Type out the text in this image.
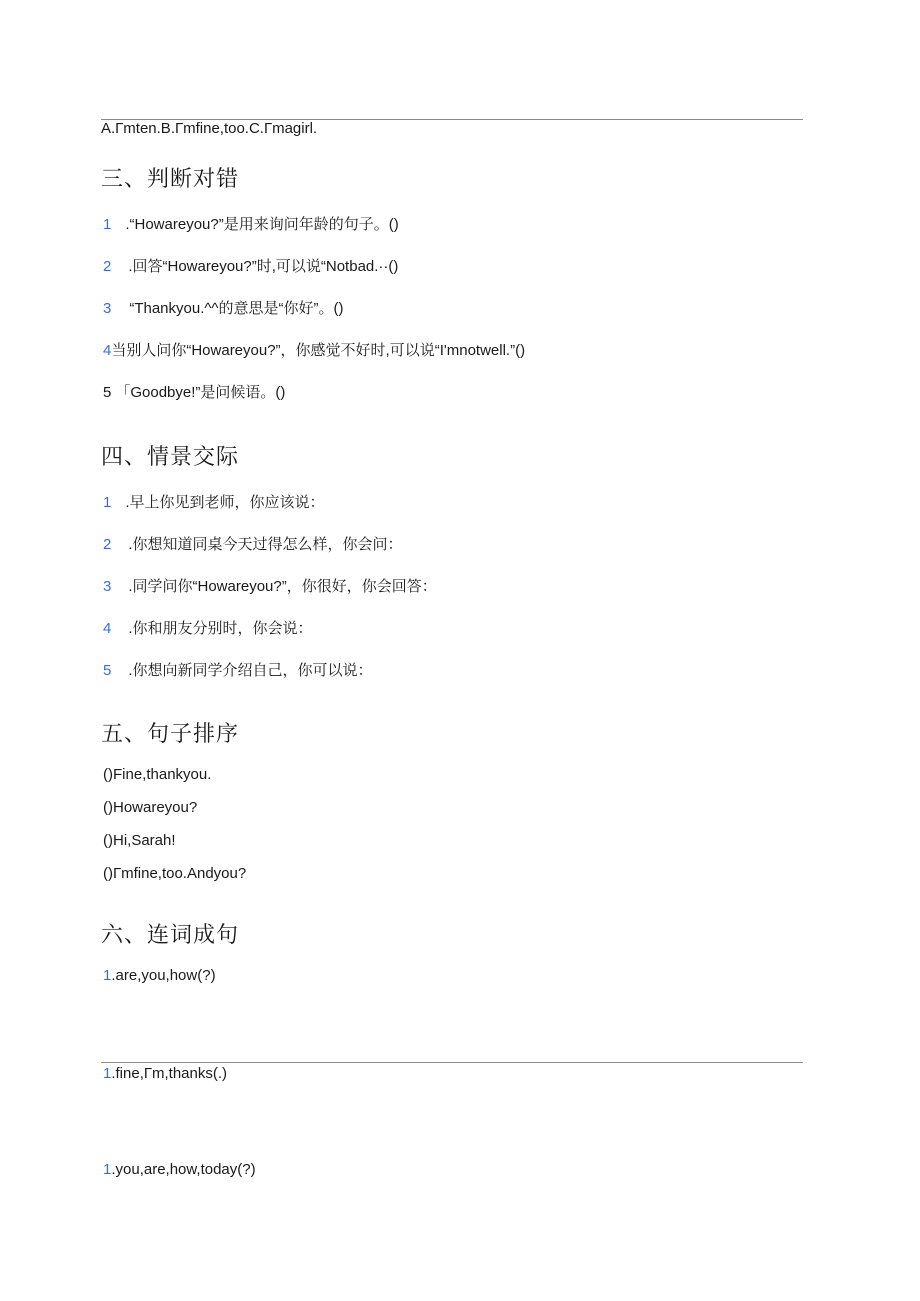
A.Гmten.B.Гmfine,too.C.Гmagirl.
三、判断对错
1 .“Howareyou?”是用来询问年龄的句子。()
2 .回答“Howareyou?”时,可以说“Notbad.··()
3 “Thankyou.^^的意思是“你好”。()
4当别人问你“Howareyou?”，你感觉不好时,可以说“I'mnotwell.”()
5 「Goodbye!”是问候语。()
四、情景交际
1 .早上你见到老师，你应该说：
2 .你想知道同桌今天过得怎么样，你会问：
3 .同学问你“Howareyou?”，你很好，你会回答：
4 .你和朋友分别时，你会说：
5 .你想向新同学介绍自己，你可以说：
五、句子排序
()Fine,thankyou.
()Howareyou?
()Hi,Sarah!
()Гmfine,too.Andyou?
六、连词成句
1.are,you,how(?)
1.fine,Гm,thanks(.)
1.you,are,how,today(?)
